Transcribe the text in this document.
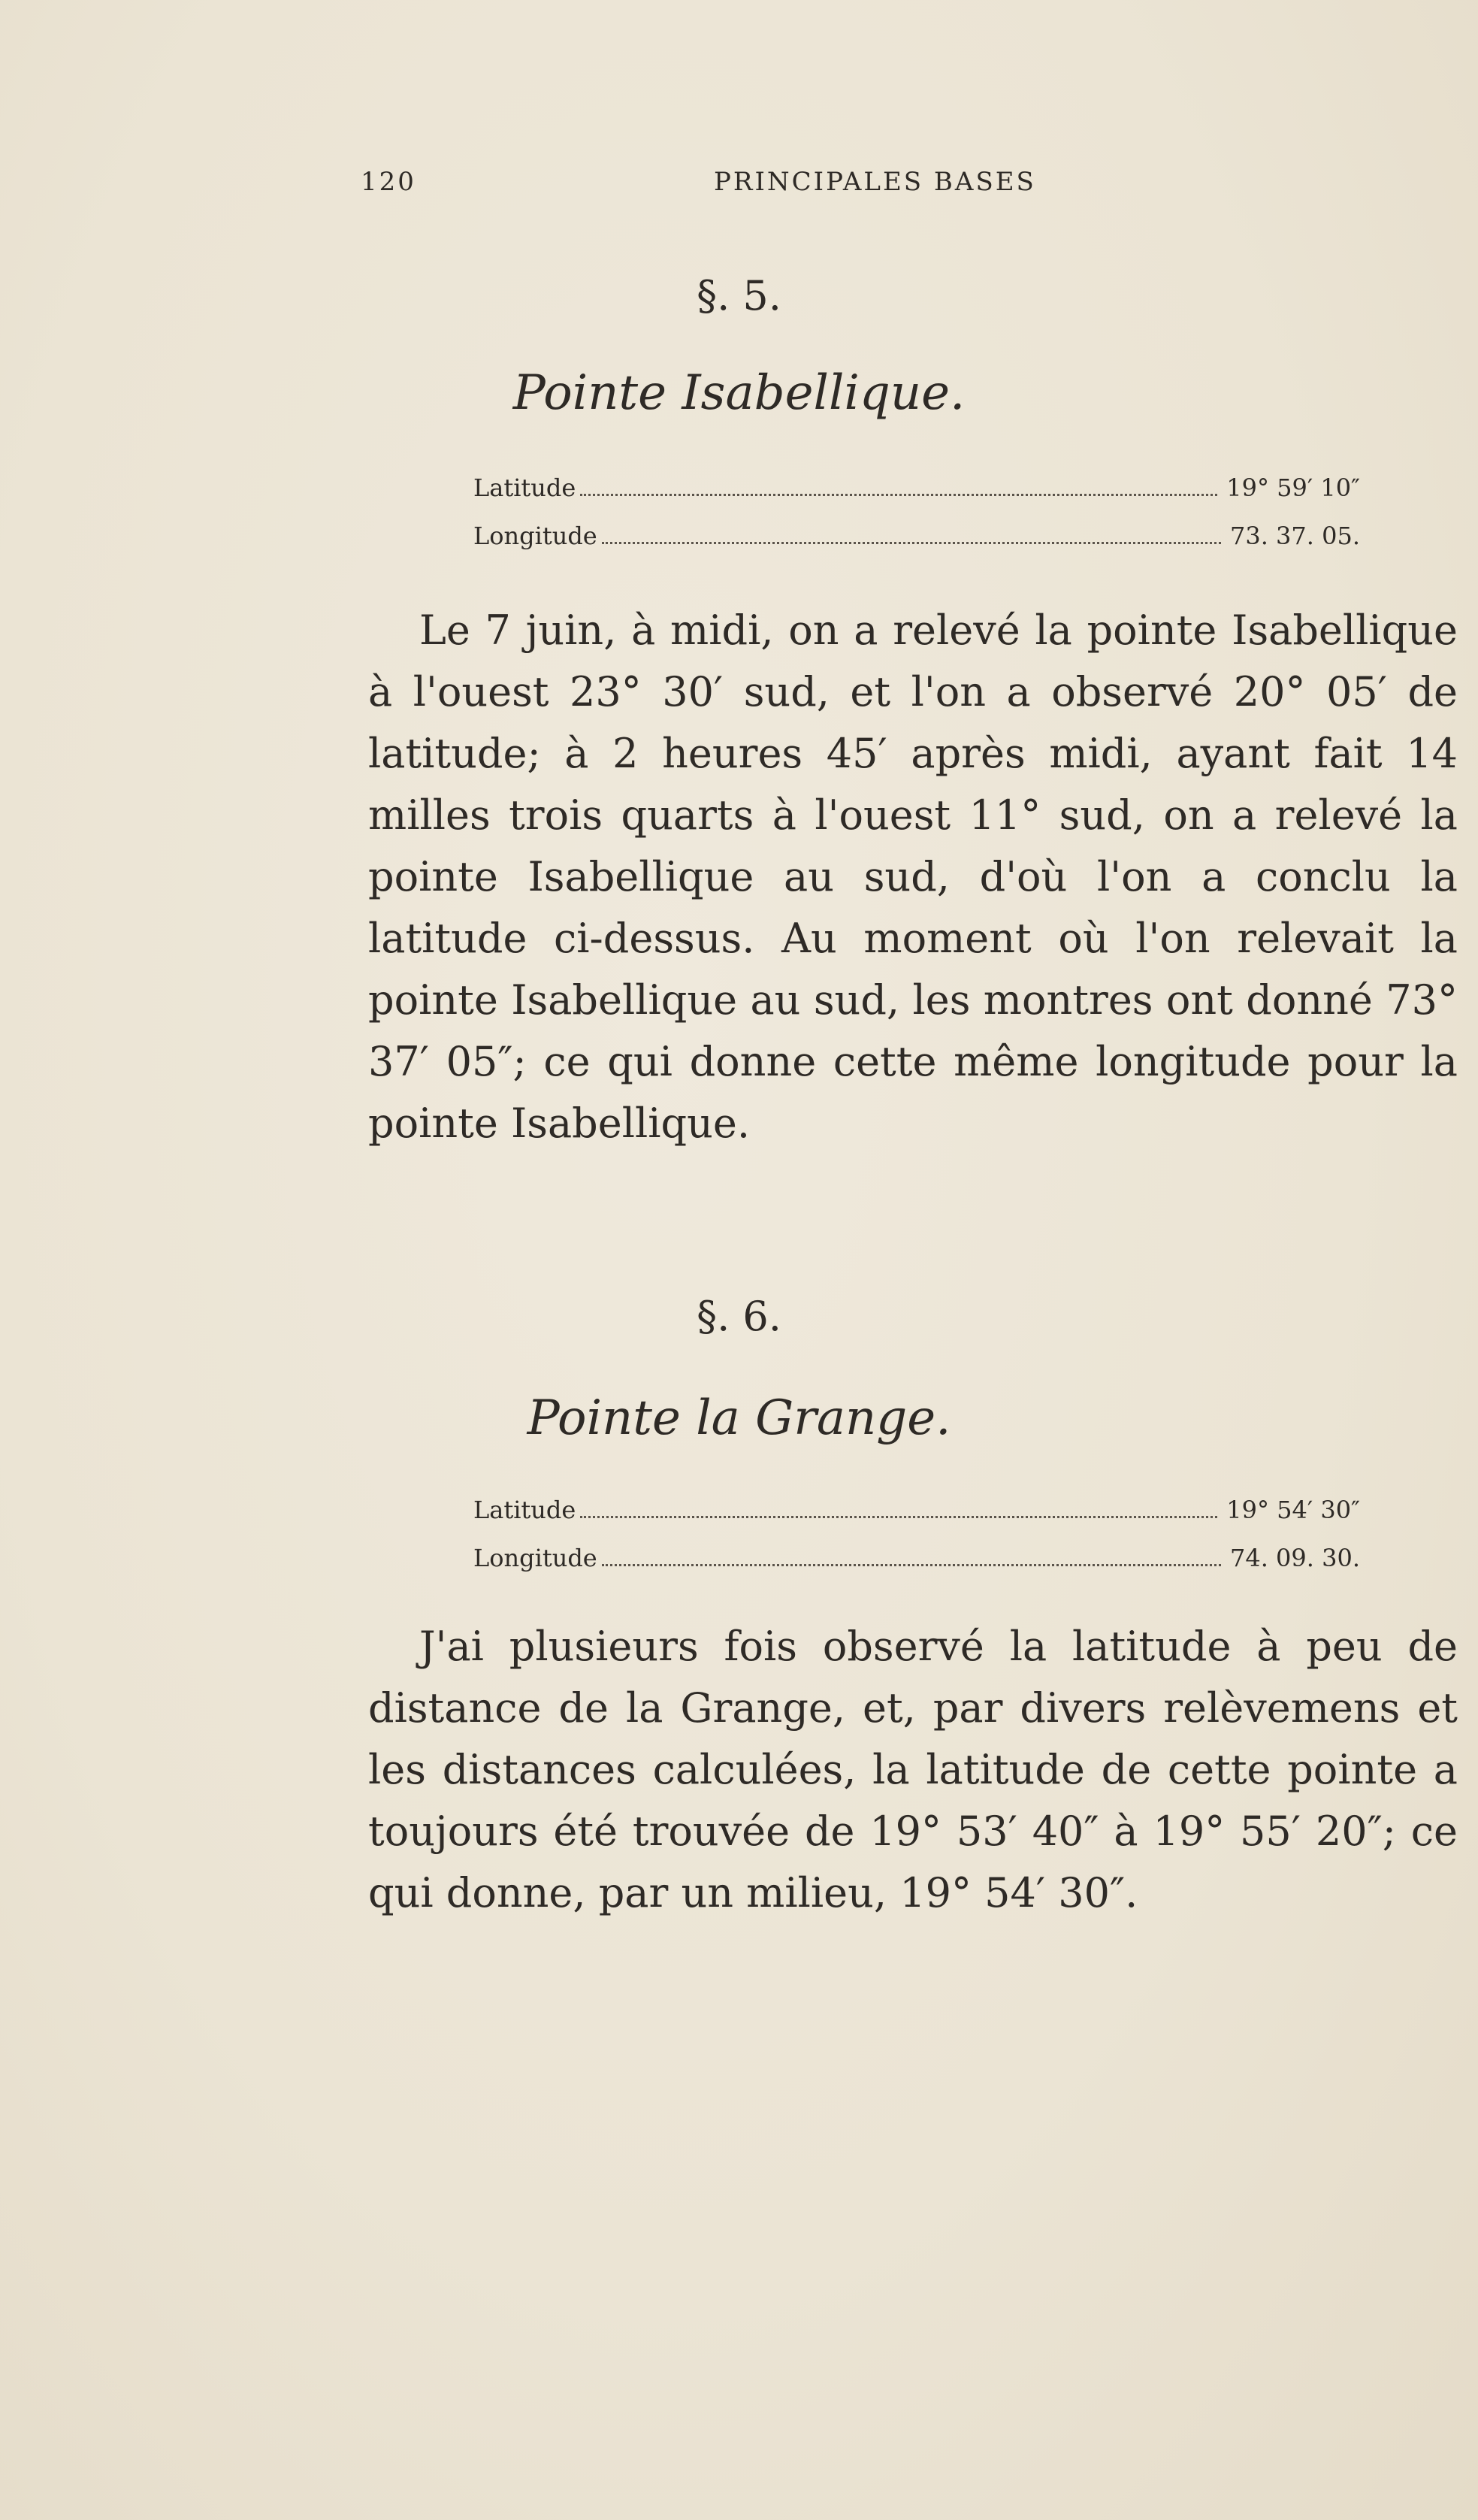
120	PRINCIPALES BASES
§. 5.
Pointe Isabellique.
Latitude	19° 59′ 10″
Longitude	73. 37. 05.

Le 7 juin, à midi, on a relevé la pointe Isabellique à l'ouest 23° 30′ sud, et l'on a observé 20° 05′ de latitude; à 2 heures 45′ après midi, ayant fait 14 milles trois quarts à l'ouest 11° sud, on a relevé la pointe Isabellique au sud, d'où l'on a conclu la latitude ci-dessus. Au moment où l'on relevait la pointe Isabellique au sud, les montres ont donné 73° 37′ 05″; ce qui donne cette même longitude pour la pointe Isabellique.

§. 6.
Pointe la Grange.
Latitude	19° 54′ 30″
Longitude	74. 09. 30.

J'ai plusieurs fois observé la latitude à peu de distance de la Grange, et, par divers relèvemens et les distances calculées, la latitude de cette pointe a toujours été trouvée de 19° 53′ 40″ à 19° 55′ 20″; ce qui donne, par un milieu, 19° 54′ 30″.
